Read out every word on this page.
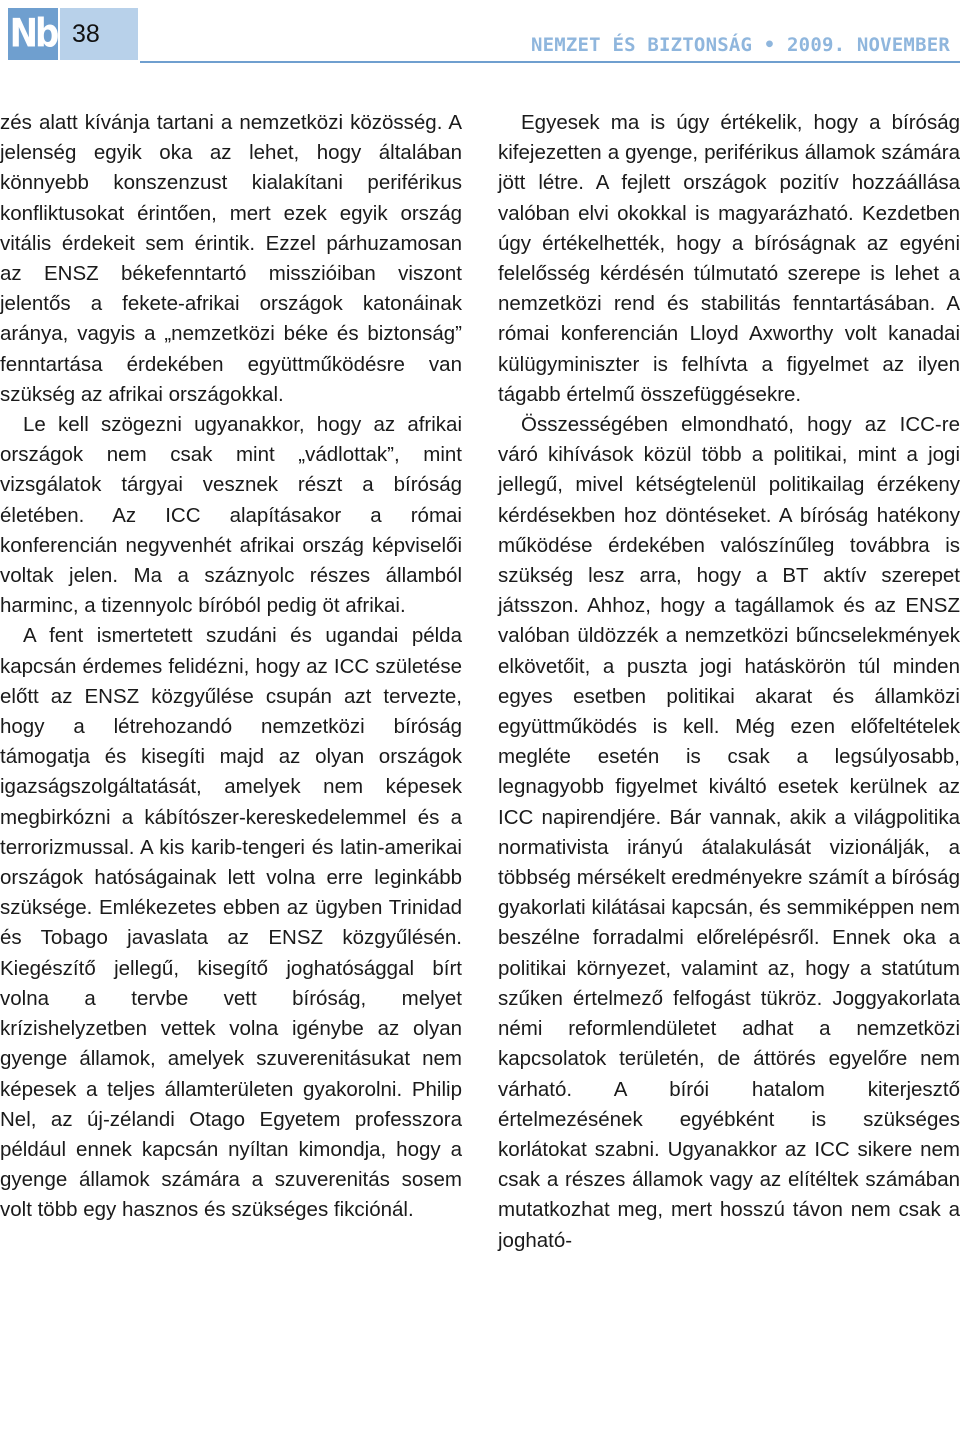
Nb 38	NEMZET ÉS BIZTONSÁG • 2009. NOVEMBER

zés alatt kívánja tartani a nemzetközi közösség. A jelenség egyik oka az lehet, hogy általában könnyebb konszenzust kialakítani periférikus konfliktusokat érintően, mert ezek egyik ország vitális érdekeit sem érintik. Ezzel párhuzamosan az ENSZ békefenntartó misszióiban viszont jelentős a fekete-afrikai országok katonáinak aránya, vagyis a „nemzetközi béke és biztonság” fenntartása érdekében együttműködésre van szükség az afrikai országokkal.

Le kell szögezni ugyanakkor, hogy az afrikai országok nem csak mint „vádlottak”, mint vizsgálatok tárgyai vesznek részt a bíróság életében. Az ICC alapításakor a római konferencián negyvenhét afrikai ország képviselői voltak jelen. Ma a száznyolc részes államból harminc, a tizennyolc bíróból pedig öt afrikai.

A fent ismertetett szudáni és ugandai példa kapcsán érdemes felidézni, hogy az ICC születése előtt az ENSZ közgyűlése csupán azt tervezte, hogy a létrehozandó nemzetközi bíróság támogatja és kisegíti majd az olyan országok igazságszolgáltatását, amelyek nem képesek megbirkózni a kábítószer-kereskedelemmel és a terrorizmussal. A kis karib-tengeri és latin-amerikai országok hatóságainak lett volna erre leginkább szüksége. Emlékezetes ebben az ügyben Trinidad és Tobago javaslata az ENSZ közgyűlésén. Kiegészítő jellegű, kisegítő joghatósággal bírt volna a tervbe vett bíróság, melyet krízishelyzetben vettek volna igénybe az olyan gyenge államok, amelyek szuverenitásukat nem képesek a teljes államterületen gyakorolni. Philip Nel, az új-zélandi Otago Egyetem professzora például ennek kapcsán nyíltan kimondja, hogy a gyenge államok számára a szuverenitás sosem volt több egy hasznos és szükséges fikciónál.

Egyesek ma is úgy értékelik, hogy a bíróság kifejezetten a gyenge, periférikus államok számára jött létre. A fejlett országok pozitív hozzáállása valóban elvi okokkal is magyarázható. Kezdetben úgy értékelhették, hogy a bíróságnak az egyéni felelősség kérdésén túlmutató szerepe is lehet a nemzetközi rend és stabilitás fenntartásában. A római konferencián Lloyd Axworthy volt kanadai külügyminiszter is felhívta a figyelmet az ilyen tágabb értelmű összefüggésekre.

Összességében elmondható, hogy az ICC-re váró kihívások közül több a politikai, mint a jogi jellegű, mivel kétségtelenül politikailag érzékeny kérdésekben hoz döntéseket. A bíróság hatékony működése érdekében valószínűleg továbbra is szükség lesz arra, hogy a BT aktív szerepet játsszon. Ahhoz, hogy a tagállamok és az ENSZ valóban üldözzék a nemzetközi bűncselekmények elkövetőit, a puszta jogi hatáskörön túl minden egyes esetben politikai akarat és államközi együttműködés is kell. Még ezen előfeltételek megléte esetén is csak a legsúlyosabb, legnagyobb figyelmet kiváltó esetek kerülnek az ICC napirendjére. Bár vannak, akik a világpolitika normativista irányú átalakulását vizionálják, a többség mérsékelt eredményekre számít a bíróság gyakorlati kilátásai kapcsán, és semmiképpen nem beszélne forradalmi előrelépésről. Ennek oka a politikai környezet, valamint az, hogy a statútum szűken értelmező felfogást tükröz. Joggyakorlata némi reformlendületet adhat a nemzetközi kapcsolatok területén, de áttörés egyelőre nem várható. A bírói hatalom kiterjesztő értelmezésének egyébként is szükséges korlátokat szabni. Ugyanakkor az ICC sikere nem csak a részes államok vagy az elítéltek számában mutatkozhat meg, mert hosszú távon nem csak a jogható-
